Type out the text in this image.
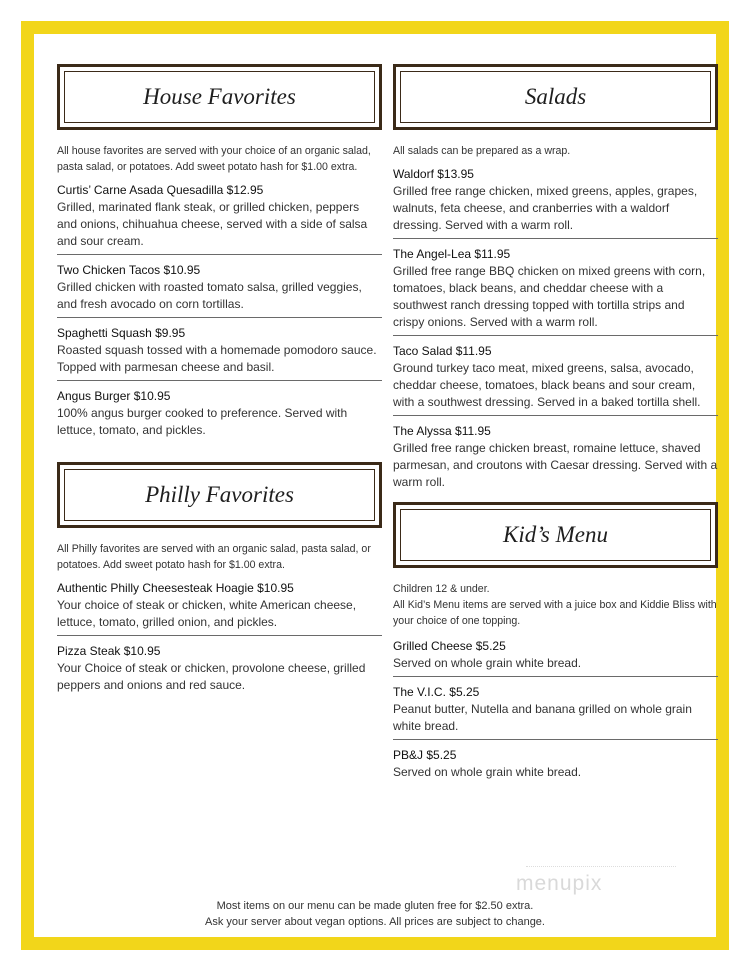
House Favorites

All house favorites are served with your choice of an organic salad, pasta salad, or potatoes. Add sweet potato hash for $1.00 extra.

Curtis’ Carne Asada Quesadilla $12.95
Grilled, marinated flank steak, or grilled chicken, peppers and onions, chihuahua cheese, served with a side of salsa and sour cream.
Two Chicken Tacos $10.95
Grilled chicken with roasted tomato salsa, grilled veggies, and fresh avocado on corn tortillas.
Spaghetti Squash $9.95
Roasted squash tossed with a homemade pomodoro sauce. Topped with parmesan cheese and basil.
Angus Burger $10.95
100% angus burger cooked to preference. Served with lettuce, tomato, and pickles.
Philly Favorites

All Philly favorites are served with an organic salad, pasta salad, or potatoes. Add sweet potato hash for $1.00 extra.

Authentic Philly Cheesesteak Hoagie $10.95
Your choice of steak or chicken, white American cheese, lettuce, tomato, grilled onion, and pickles.
Pizza Steak $10.95
Your Choice of steak or chicken, provolone cheese, grilled peppers and onions and red sauce.
Salads

All salads can be prepared as a wrap.

Waldorf $13.95
Grilled free range chicken, mixed greens, apples, grapes, walnuts, feta cheese, and cranberries with a waldorf dressing. Served with a warm roll.
The Angel-Lea $11.95
Grilled free range BBQ chicken on mixed greens with corn, tomatoes, black beans, and cheddar cheese with a southwest ranch dressing topped with tortilla strips and crispy onions. Served with a warm roll.
Taco Salad $11.95
Ground turkey taco meat, mixed greens, salsa, avocado, cheddar cheese, tomatoes, black beans and sour cream, with a southwest dressing. Served in a baked tortilla shell.
The Alyssa $11.95
Grilled free range chicken breast, romaine lettuce, shaved parmesan, and croutons with Caesar dressing. Served with a warm roll.
Kid’s Menu

Children 12 & under.
All Kid’s Menu items are served with a juice box and Kiddie Bliss with your choice of one topping.

Grilled Cheese $5.25
Served on whole grain white bread.
The V.I.C. $5.25
Peanut butter, Nutella and banana grilled on whole grain white bread.
PB&J $5.25
Served on whole grain white bread.
menupix
Most items on our menu can be made gluten free for $2.50 extra.
Ask your server about vegan options. All prices are subject to change.
